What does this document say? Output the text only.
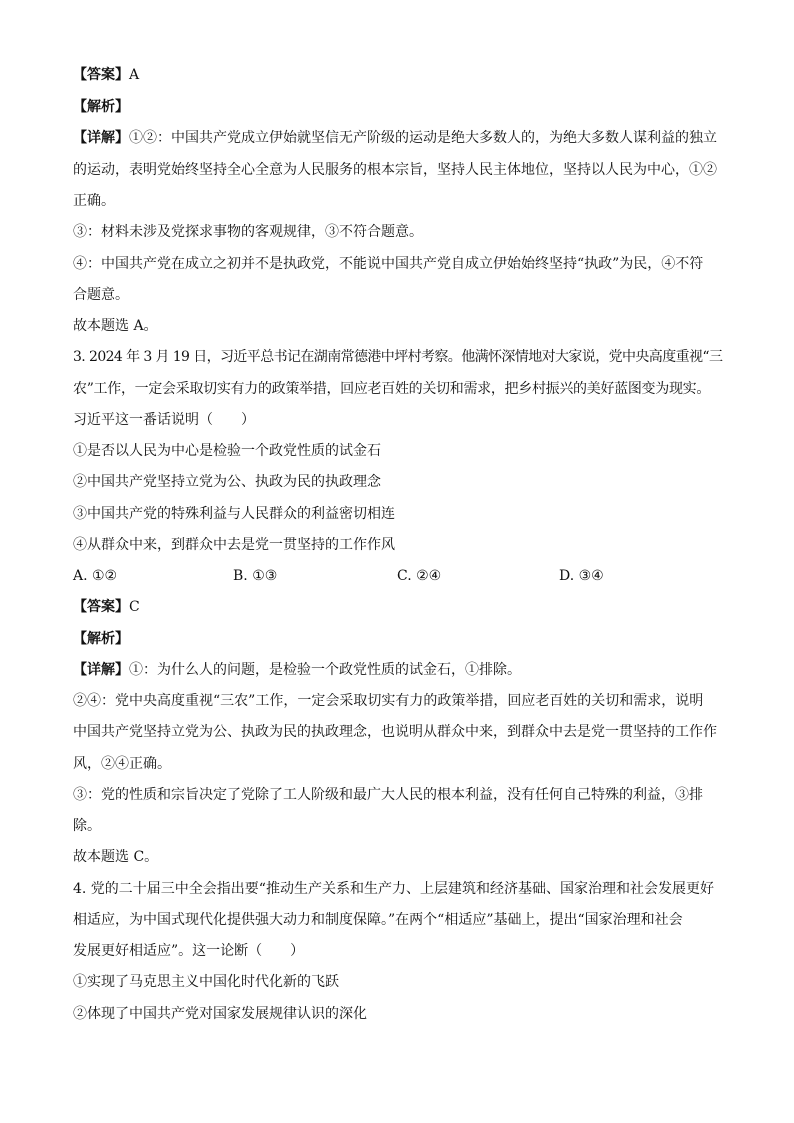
【答案】A
【解析】
【详解】①②：中国共产党成立伊始就坚信无产阶级的运动是绝大多数人的，为绝大多数人谋利益的独立
的运动，表明党始终坚持全心全意为人民服务的根本宗旨，坚持人民主体地位，坚持以人民为中心，①②
正确。
③：材料未涉及党探求事物的客观规律，③不符合题意。
④：中国共产党在成立之初并不是执政党，不能说中国共产党自成立伊始始终坚持“执政”为民，④不符
合题意。
故本题选 A。
3. 2024 年 3 月 19 日，习近平总书记在湖南常德港中坪村考察。他满怀深情地对大家说，党中央高度重视“三
农”工作，一定会采取切实有力的政策举措，回应老百姓的关切和需求，把乡村振兴的美好蓝图变为现实。
习近平这一番话说明（　　）
①是否以人民为中心是检验一个政党性质的试金石
②中国共产党坚持立党为公、执政为民的执政理念
③中国共产党的特殊利益与人民群众的利益密切相连
④从群众中来，到群众中去是党一贯坚持的工作作风
A. ①②	B. ①③	C. ②④	D. ③④
【答案】C
【解析】
【详解】①：为什么人的问题，是检验一个政党性质的试金石，①排除。
②④：党中央高度重视“三农”工作，一定会采取切实有力的政策举措，回应老百姓的关切和需求，说明
中国共产党坚持立党为公、执政为民的执政理念，也说明从群众中来，到群众中去是党一贯坚持的工作作
风，②④正确。
③：党的性质和宗旨决定了党除了工人阶级和最广大人民的根本利益，没有任何自己特殊的利益，③排
除。
故本题选 C。
4. 党的二十届三中全会指出要“推动生产关系和生产力、上层建筑和经济基础、国家治理和社会发展更好
相适应，为中国式现代化提供强大动力和制度保障。”在两个“相适应”基础上，提出“国家治理和社会
发展更好相适应”。这一论断（　　）
①实现了马克思主义中国化时代化新的飞跃
②体现了中国共产党对国家发展规律认识的深化
